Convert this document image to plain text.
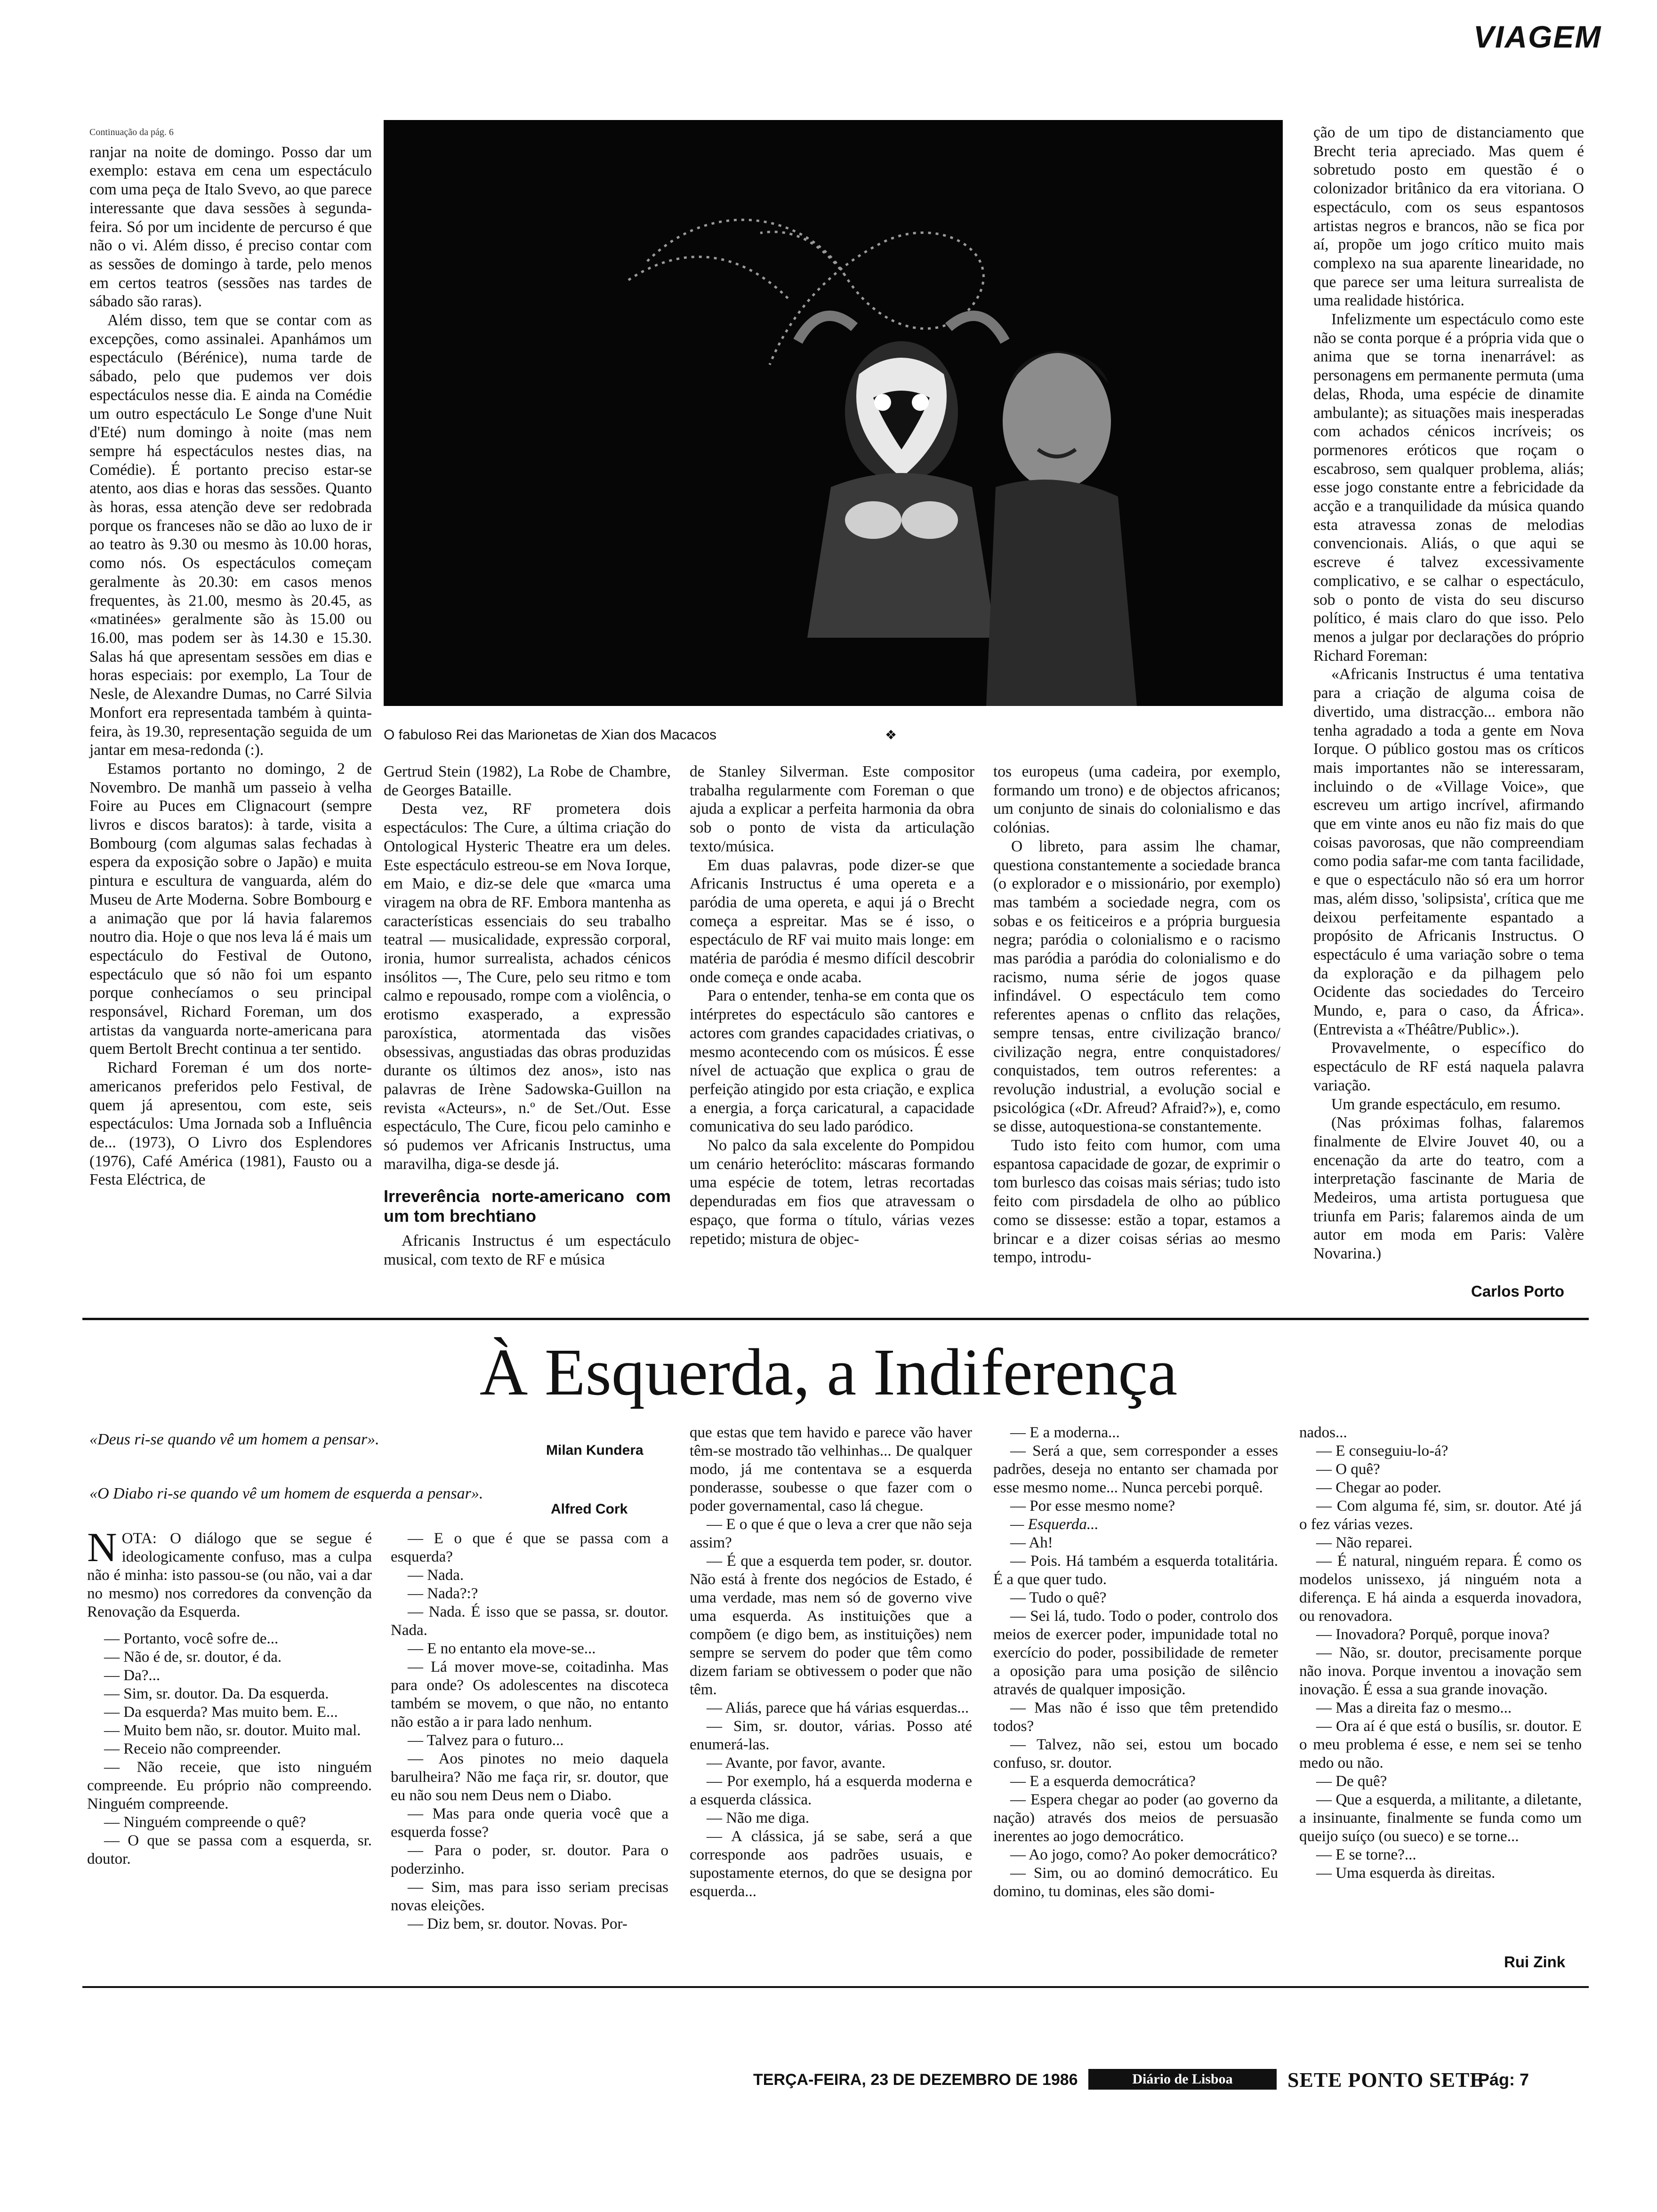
VIAGEM
Continuação da pág. 6

ranjar na noite de domingo. Posso dar um exemplo: estava em cena um espectáculo com uma peça de Italo Svevo, ao que parece interessante que dava sessões à segunda-feira. Só por um incidente de percurso é que não o vi. Além disso, é preciso contar com as sessões de domingo à tarde, pelo menos em certos teatros (sessões nas tardes de sábado são raras).

Além disso, tem que se contar com as excepções, como assinalei. Apanhámos um espectáculo (Bérénice), numa tarde de sábado, pelo que pudemos ver dois espectáculos nesse dia. E ainda na Comédie um outro espectáculo Le Songe d'une Nuit d'Eté) num domingo à noite (mas nem sempre há espectáculos nestes dias, na Comédie). É portanto preciso estar-se atento, aos dias e horas das sessões. Quanto às horas, essa atenção deve ser redobrada porque os franceses não se dão ao luxo de ir ao teatro às 9.30 ou mesmo às 10.00 horas, como nós. Os espectáculos começam geralmente às 20.30: em casos menos frequentes, às 21.00, mesmo às 20.45, as «matinées» geralmente são às 15.00 ou 16.00, mas podem ser às 14.30 e 15.30. Salas há que apresentam sessões em dias e horas especiais: por exemplo, La Tour de Nesle, de Alexandre Dumas, no Carré Silvia Monfort era representada também à quinta-feira, às 19.30, representação seguida de um jantar em mesa-redonda (:).

Estamos portanto no domingo, 2 de Novembro. De manhã um passeio à velha Foire au Puces em Clignacourt (sempre livros e discos baratos): à tarde, visita a Bombourg (com algumas salas fechadas à espera da exposição sobre o Japão) e muita pintura e escultura de vanguarda, além do Museu de Arte Moderna. Sobre Bombourg e a animação que por lá havia falaremos noutro dia. Hoje o que nos leva lá é mais um espectáculo do Festival de Outono, espectáculo que só não foi um espanto porque conhecíamos o seu principal responsável, Richard Foreman, um dos artistas da vanguarda norte-americana para quem Bertolt Brecht continua a ter sentido.

Richard Foreman é um dos norte-americanos preferidos pelo Festival, de quem já apresentou, com este, seis espectáculos: Uma Jornada sob a Influência de... (1973), O Livro dos Esplendores (1976), Café América (1981), Fausto ou a Festa Eléctrica, de

O fabuloso Rei das Marionetas de Xian dos Macacos	❖

Gertrud Stein (1982), La Robe de Chambre, de Georges Bataille.

Desta vez, RF prometera dois espectáculos: The Cure, a última criação do Ontological Hysteric Theatre era um deles. Este espectáculo estreou-se em Nova Iorque, em Maio, e diz-se dele que «marca uma viragem na obra de RF. Embora mantenha as características essenciais do seu trabalho teatral — musicalidade, expressão corporal, ironia, humor surrealista, achados cénicos insólitos —, The Cure, pelo seu ritmo e tom calmo e repousado, rompe com a violência, o erotismo exasperado, a expressão paroxística, atormentada das visões obsessivas, angustiadas das obras produzidas durante os últimos dez anos», isto nas palavras de Irène Sadowska-Guillon na revista «Acteurs», n.º de Set./Out. Esse espectáculo, The Cure, ficou pelo caminho e só pudemos ver Africanis Instructus, uma maravilha, diga-se desde já.

Irreverência norte-americano com um tom brechtiano

Africanis Instructus é um espectáculo musical, com texto de RF e música

de Stanley Silverman. Este compositor trabalha regularmente com Foreman o que ajuda a explicar a perfeita harmonia da obra sob o ponto de vista da articulação texto/música.

Em duas palavras, pode dizer-se que Africanis Instructus é uma opereta e a paródia de uma opereta, e aqui já o Brecht começa a espreitar. Mas se é isso, o espectáculo de RF vai muito mais longe: em matéria de paródia é mesmo difícil descobrir onde começa e onde acaba.

Para o entender, tenha-se em conta que os intérpretes do espectáculo são cantores e actores com grandes capacidades criativas, o mesmo acontecendo com os músicos. É esse nível de actuação que explica o grau de perfeição atingido por esta criação, e explica a energia, a força caricatural, a capacidade comunicativa do seu lado paródico.

No palco da sala excelente do Pompidou um cenário heteróclito: máscaras formando uma espécie de totem, letras recortadas dependuradas em fios que atravessam o espaço, que forma o título, várias vezes repetido; mistura de objec-

tos europeus (uma cadeira, por exemplo, formando um trono) e de objectos africanos; um conjunto de sinais do colonialismo e das colónias.

O libreto, para assim lhe chamar, questiona constantemente a sociedade branca (o explorador e o missionário, por exemplo) mas também a sociedade negra, com os sobas e os feiticeiros e a própria burguesia negra; paródia o colonialismo e o racismo mas paródia a paródia do colonialismo e do racismo, numa série de jogos quase infindável. O espectáculo tem como referentes apenas o cnflito das relações, sempre tensas, entre civilização branco/ civilização negra, entre conquistadores/ conquistados, tem outros referentes: a revolução industrial, a evolução social e psicológica («Dr. Afreud? Afraid?»), e, como se disse, autoquestiona-se constantemente.

Tudo isto feito com humor, com uma espantosa capacidade de gozar, de exprimir o tom burlesco das coisas mais sérias; tudo isto feito com pirsdadela de olho ao público como se dissesse: estão a topar, estamos a brincar e a dizer coisas sérias ao mesmo tempo, introdu-

ção de um tipo de distanciamento que Brecht teria apreciado. Mas quem é sobretudo posto em questão é o colonizador britânico da era vitoriana. O espectáculo, com os seus espantosos artistas negros e brancos, não se fica por aí, propõe um jogo crítico muito mais complexo na sua aparente linearidade, no que parece ser uma leitura surrealista de uma realidade histórica.

Infelizmente um espectáculo como este não se conta porque é a própria vida que o anima que se torna inenarrável: as personagens em permanente permuta (uma delas, Rhoda, uma espécie de dinamite ambulante); as situações mais inesperadas com achados cénicos incríveis; os pormenores eróticos que roçam o escabroso, sem qualquer problema, aliás; esse jogo constante entre a febricidade da acção e a tranquilidade da música quando esta atravessa zonas de melodias convencionais. Aliás, o que aqui se escreve é talvez excessivamente complicativo, e se calhar o espectáculo, sob o ponto de vista do seu discurso político, é mais claro do que isso. Pelo menos a julgar por declarações do próprio Richard Foreman:

«Africanis Instructus é uma tentativa para a criação de alguma coisa de divertido, uma distracção... embora não tenha agradado a toda a gente em Nova Iorque. O público gostou mas os críticos mais importantes não se interessaram, incluindo o de «Village Voice», que escreveu um artigo incrível, afirmando que em vinte anos eu não fiz mais do que coisas pavorosas, que não compreendiam como podia safar-me com tanta facilidade, e que o espectáculo não só era um horror mas, além disso, 'solipsista', crítica que me deixou perfeitamente espantado a propósito de Africanis Instructus. O espectáculo é uma variação sobre o tema da exploração e da pilhagem pelo Ocidente das sociedades do Terceiro Mundo, e, para o caso, da África». (Entrevista a «Théâtre/Public».).

Provavelmente, o específico do espectáculo de RF está naquela palavra variação.

Um grande espectáculo, em resumo.

(Nas próximas folhas, falaremos finalmente de Elvire Jouvet 40, ou a encenação da arte do teatro, com a interpretação fascinante de Maria de Medeiros, uma artista portuguesa que triunfa em Paris; falaremos ainda de um autor em moda em Paris: Valère Novarina.)

Carlos Porto
À Esquerda, a Indiferença
«Deus ri-se quando vê um homem a pensar».
Milan Kundera
«O Diabo ri-se quando vê um homem de esquerda a pensar».
Alfred Cork

NOTA: O diálogo que se segue é ideologicamente confuso, mas a culpa não é minha: isto passou-se (ou não, vai a dar no mesmo) nos corredores da convenção da Renovação da Esquerda.

— Portanto, você sofre de...

— Não é de, sr. doutor, é da.

— Da?...

— Sim, sr. doutor. Da. Da esquerda.

— Da esquerda? Mas muito bem. E...

— Muito bem não, sr. doutor. Muito mal.

— Receio não compreender.

— Não receie, que isto ninguém compreende. Eu próprio não compreendo. Ninguém compreende.

— Ninguém compreende o quê?

— O que se passa com a esquerda, sr. doutor.

— E o que é que se passa com a esquerda?

— Nada.

— Nada?:?

— Nada. É isso que se passa, sr. doutor. Nada.

— E no entanto ela move-se...

— Lá mover move-se, coitadinha. Mas para onde? Os adolescentes na discoteca também se movem, o que não, no entanto não estão a ir para lado nenhum.

— Talvez para o futuro...

— Aos pinotes no meio daquela barulheira? Não me faça rir, sr. doutor, que eu não sou nem Deus nem o Diabo.

— Mas para onde queria você que a esquerda fosse?

— Para o poder, sr. doutor. Para o poderzinho.

— Sim, mas para isso seriam precisas novas eleições.

— Diz bem, sr. doutor. Novas. Por-

que estas que tem havido e parece vão haver têm-se mostrado tão velhinhas... De qualquer modo, já me contentava se a esquerda ponderasse, soubesse o que fazer com o poder governamental, caso lá chegue.

— E o que é que o leva a crer que não seja assim?

— É que a esquerda tem poder, sr. doutor. Não está à frente dos negócios de Estado, é uma verdade, mas nem só de governo vive uma esquerda. As instituições que a compõem (e digo bem, as instituições) nem sempre se servem do poder que têm como dizem fariam se obtivessem o poder que não têm.

— Aliás, parece que há várias esquerdas...

— Sim, sr. doutor, várias. Posso até enumerá-las.

— Avante, por favor, avante.

— Por exemplo, há a esquerda moderna e a esquerda clássica.

— Não me diga.

— A clássica, já se sabe, será a que corresponde aos padrões usuais, e supostamente eternos, do que se designa por esquerda...

— E a moderna...

— Será a que, sem corresponder a esses padrões, deseja no entanto ser chamada por esse mesmo nome... Nunca percebi porquê.

— Por esse mesmo nome?

— Esquerda...

— Ah!

— Pois. Há também a esquerda totalitária. É a que quer tudo.

— Tudo o quê?

— Sei lá, tudo. Todo o poder, controlo dos meios de exercer poder, impunidade total no exercício do poder, possibilidade de remeter a oposição para uma posição de silêncio através de qualquer imposição.

— Mas não é isso que têm pretendido todos?

— Talvez, não sei, estou um bocado confuso, sr. doutor.

— E a esquerda democrática?

— Espera chegar ao poder (ao governo da nação) através dos meios de persuasão inerentes ao jogo democrático.

— Ao jogo, como? Ao poker democrático?

— Sim, ou ao dominó democrático. Eu domino, tu dominas, eles são domi-

nados...

— E conseguiu-lo-á?

— O quê?

— Chegar ao poder.

— Com alguma fé, sim, sr. doutor. Até já o fez várias vezes.

— Não reparei.

— É natural, ninguém repara. É como os modelos unissexo, já ninguém nota a diferença. E há ainda a esquerda inovadora, ou renovadora.

— Inovadora? Porquê, porque inova?

— Não, sr. doutor, precisamente porque não inova. Porque inventou a inovação sem inovação. É essa a sua grande inovação.

— Mas a direita faz o mesmo...

— Ora aí é que está o busílis, sr. doutor. E o meu problema é esse, e nem sei se tenho medo ou não.

— De quê?

— Que a esquerda, a militante, a diletante, a insinuante, finalmente se funda como um queijo suíço (ou sueco) e se torne...

— E se torne?...

— Uma esquerda às direitas.

Rui Zink
TERÇA-FEIRA, 23 DE DEZEMBRO DE 1986	Diário de Lisboa	SETE PONTO SETE
Pág: 7
